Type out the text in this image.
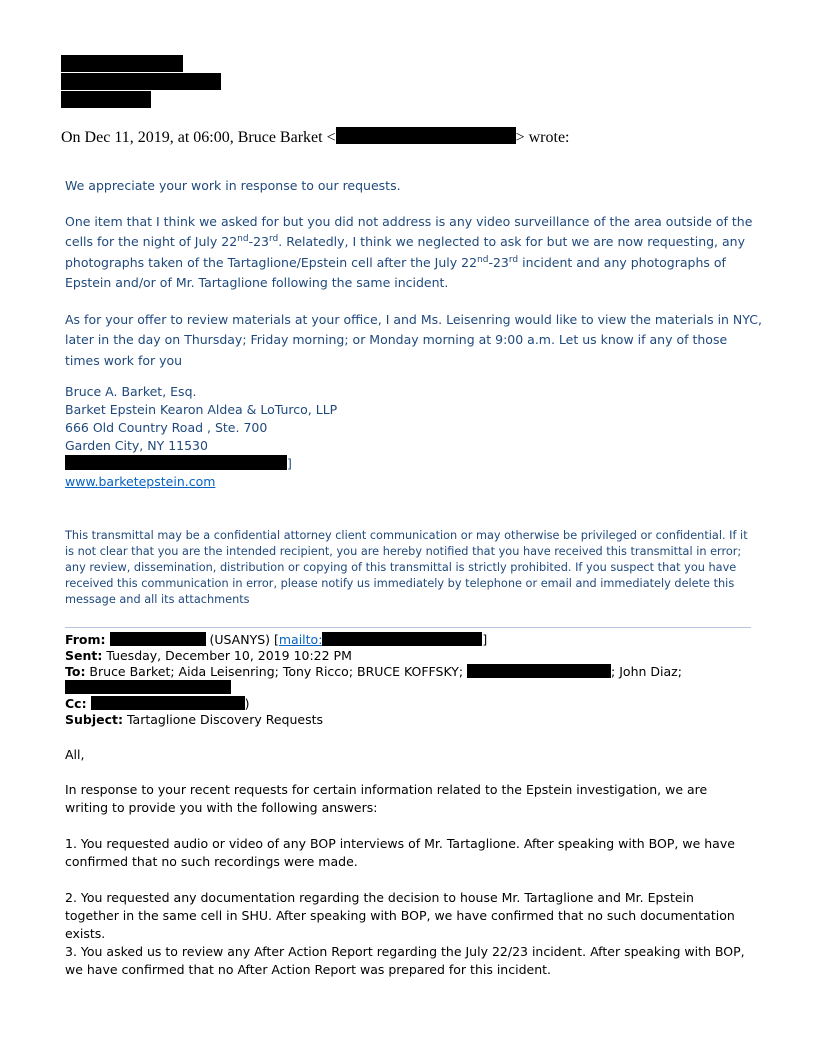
On Dec 11, 2019, at 06:00, Bruce Barket <	> wrote:
We appreciate your work in response to our requests.
One item that I think we asked for but you did not address is any video surveillance of the area outside of the cells for the night of July 22nd-23rd. Relatedly, I think we neglected to ask for but we are now requesting, any photographs taken of the Tartaglione/Epstein cell after the July 22nd-23rd incident and any photographs of Epstein and/or of Mr. Tartaglione following the same incident.
As for your offer to review materials at your office, I and Ms. Leisenring would like to view the materials in NYC, later in the day on Thursday; Friday morning; or Monday morning at 9:00 a.m. Let us know if any of those times work for you
Bruce A. Barket, Esq.
Barket Epstein Kearon Aldea & LoTurco, LLP
666 Old Country Road , Ste. 700
Garden City, NY 11530
]
www.barketepstein.com
This transmittal may be a confidential attorney client communication or may otherwise be privileged or confidential. If it is not clear that you are the intended recipient, you are hereby notified that you have received this transmittal in error; any review, dissemination, distribution or copying of this transmittal is strictly prohibited. If you suspect that you have received this communication in error, please notify us immediately by telephone or email and immediately delete this message and all its attachments
From:	(USANYS) [mailto:	]
Sent: Tuesday, December 10, 2019 10:22 PM
To: Bruce Barket; Aida Leisenring; Tony Ricco; BRUCE KOFFSKY;	; John Diaz;
Cc:	)
Subject: Tartaglione Discovery Requests
All,
In response to your recent requests for certain information related to the Epstein investigation, we are writing to provide you with the following answers:
1. You requested audio or video of any BOP interviews of Mr. Tartaglione. After speaking with BOP, we have confirmed that no such recordings were made.
2. You requested any documentation regarding the decision to house Mr. Tartaglione and Mr. Epstein together in the same cell in SHU. After speaking with BOP, we have confirmed that no such documentation exists.
3. You asked us to review any After Action Report regarding the July 22/23 incident. After speaking with BOP, we have confirmed that no After Action Report was prepared for this incident.
